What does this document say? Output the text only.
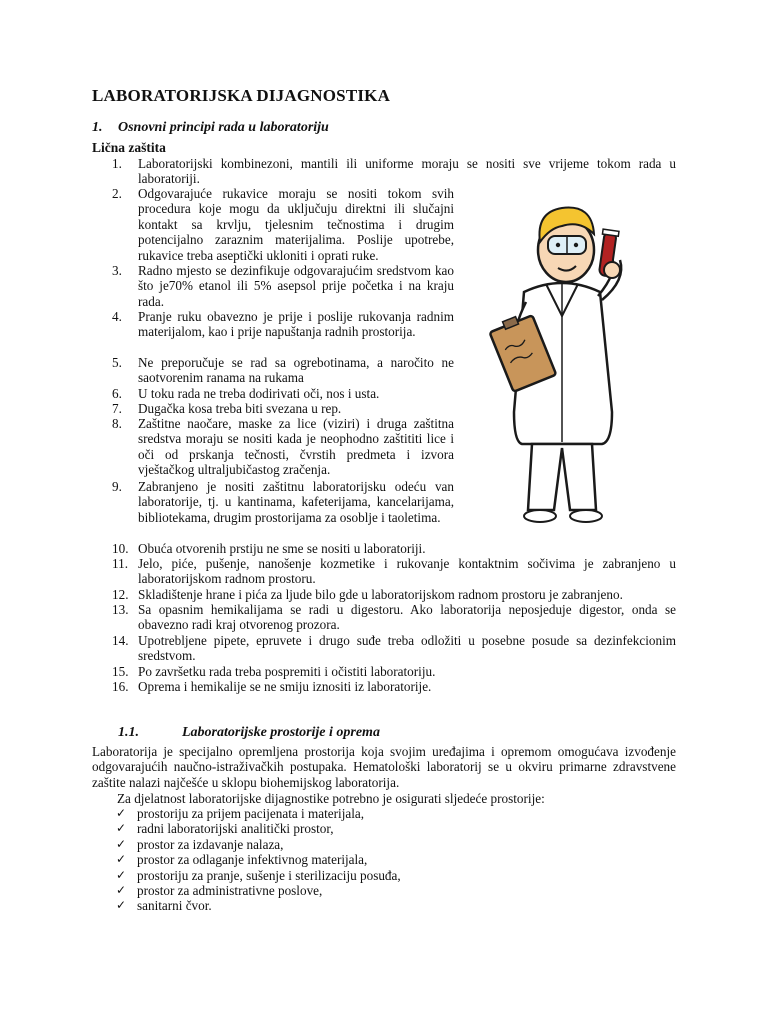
LABORATORIJSKA DIJAGNOSTIKA
1. Osnovni principi rada u laboratoriju
Lična zaštita
1.	Laboratorijski kombinezoni, mantili ili uniforme moraju se nositi sve vrijeme tokom rada u laboratoriji.
2.	Odgovarajuće rukavice moraju se nositi tokom svih procedura koje mogu da uključuju direktni ili slučajni kontakt sa krvlju, tjelesnim tečnostima i drugim potencijalno zaraznim materijalima. Poslije upotrebe, rukavice treba aseptički ukloniti i oprati ruke.
3.	Radno mjesto se dezinfikuje odgovarajućim sredstvom kao što je70% etanol ili 5% asepsol prije početka i na kraju rada.
4.	Pranje ruku obavezno je prije i poslije rukovanja radnim materijalom, kao i prije napuštanja radnih prostorija.
5.	Ne preporučuje se rad sa ogrebotinama, a naročito ne saotvorenim ranama na rukama
6.	U toku rada ne treba dodirivati oči, nos i usta.
7.	Dugačka kosa treba biti svezana u rep.
8.	Zaštitne naočare, maske za lice (viziri) i druga zaštitna sredstva moraju se nositi kada je neophodno zaštititi lice i oči od prskanja tečnosti, čvrstih predmeta i izvora vještačkog ultraljubičastog zračenja.
9.	Zabranjeno je nositi zaštitnu laboratorijsku odeću van laboratorije, tj. u kantinama, kafeterijama, kancelarijama, bibliotekama, drugim prostorijama za osoblje i taoletima.
10. Obuća otvorenih prstiju ne sme se nositi u laboratoriji.
11. Jelo, piće, pušenje, nanošenje kozmetike i rukovanje kontaktnim sočivima je zabranjeno u laboratorijskom radnom prostoru.
12. Skladištenje hrane i pića za ljude bilo gde u laboratorijskom radnom prostoru je zabranjeno.
13. Sa opasnim hemikalijama se radi u digestoru. Ako laboratorija neposjeduje digestor, onda se obavezno radi kraj otvorenog prozora.
14. Upotrebljene pipete, epruvete i drugo suđe treba odložiti u posebne posude sa dezinfekcionim sredstvom.
15. Po završetku rada treba pospremiti i očistiti laboratoriju.
16. Oprema i hemikalije se ne smiju iznositi iz laboratorije.
1.1.	Laboratorijske prostorije i oprema

Laboratorija je specijalno opremljena prostorija koja svojim uređajima i opremom omogućava izvođenje odgovarajućih naučno-istraživačkih postupaka. Hematološki laboratorij se u okviru primarne zdravstvene zaštite nalazi najčešće u sklopu biohemijskog laboratorija.

Za djelatnost laboratorijske dijagnostike potrebno je osigurati sljedeće prostorije:

✓ prostoriju za prijem pacijenata i materijala,
✓ radni laboratorijski analitički prostor,
✓ prostor za izdavanje nalaza,
✓ prostor za odlaganje infektivnog materijala,
✓ prostoriju za pranje, sušenje i sterilizaciju posuđa,
✓ prostor za administrativne poslove,
✓ sanitarni čvor.
